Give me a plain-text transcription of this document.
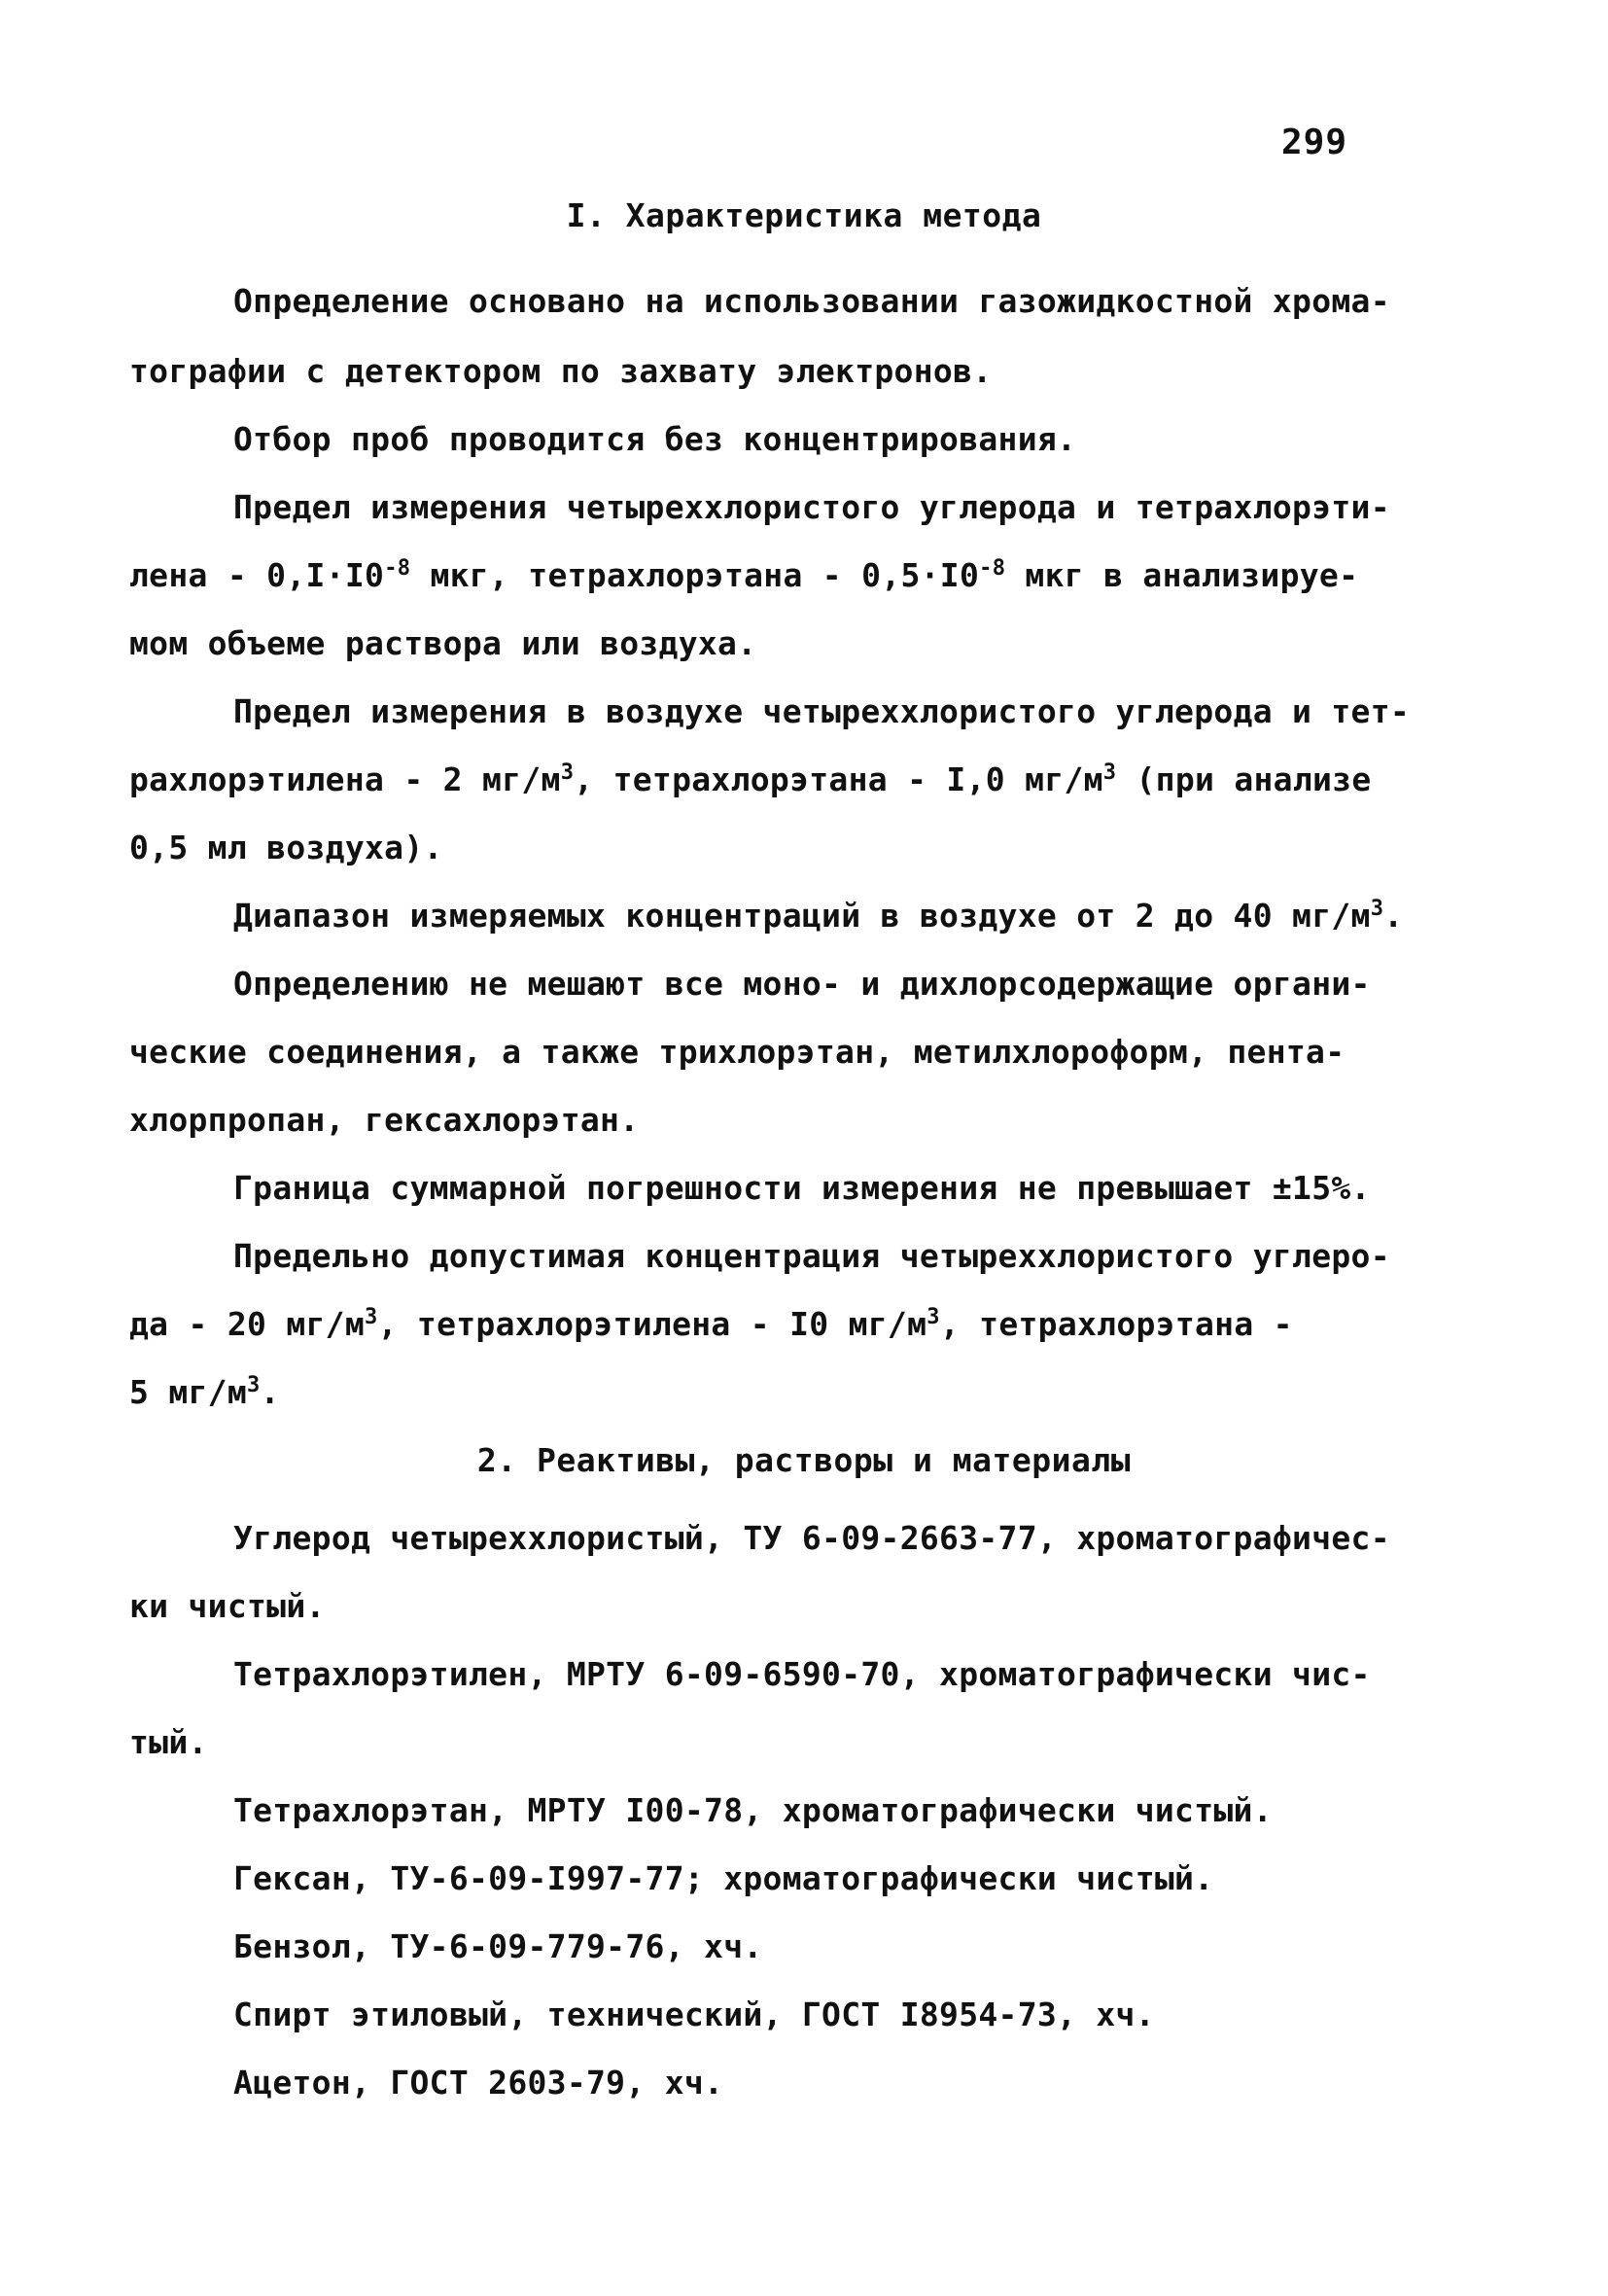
299
I. Характеристика метода
Определение основано на использовании газожидкостной хрома-
тографии с детектором по захвату электронов.
Отбор проб проводится без концентрирования.
Предел измерения четыреххлористого углерода и тетрахлорэти-
лена - $0,I\cdot I0^{-8}$ мкг, тетрахлорэтана - $0,5\cdot I0^{-8}$ мкг в анализируе-
мом объеме раствора или воздуха.
Предел измерения в воздухе четыреххлористого углерода и тет-
рахлорэтилена - 2 $мг/м^3$, тетрахлорэтана - I,0 $мг/м^3$ (при анализе
0,5 мл воздуха).
Диапазон измеряемых концентраций в воздухе от 2 до 40 $мг/м^3$.
Определению не мешают все моно- и дихлорсодержащие органи-
ческие соединения, а также трихлорэтан, метилхлороформ, пента-
хлорпропан, гексахлорэтан.
Граница суммарной погрешности измерения не превышает ±15%.
Предельно допустимая концентрация четыреххлористого углеро-
да - 20 $мг/м^3$, тетрахлорэтилена - I0 $мг/м^3$, тетрахлорэтана -
5 $мг/м^3$.
2. Реактивы, растворы и материалы
Углерод четыреххлористый, ТУ 6-09-2663-77, хроматографичес-
ки чистый.
Тетрахлорэтилен, МРТУ 6-09-6590-70, хроматографически чис-
тый.
Тетрахлорэтан, МРТУ I00-78, хроматографически чистый.
Гексан, ТУ-6-09-I997-77; хроматографически чистый.
Бензол, ТУ-6-09-779-76, хч.
Спирт этиловый, технический, ГОСТ I8954-73, хч.
Ацетон, ГОСТ 2603-79, хч.
